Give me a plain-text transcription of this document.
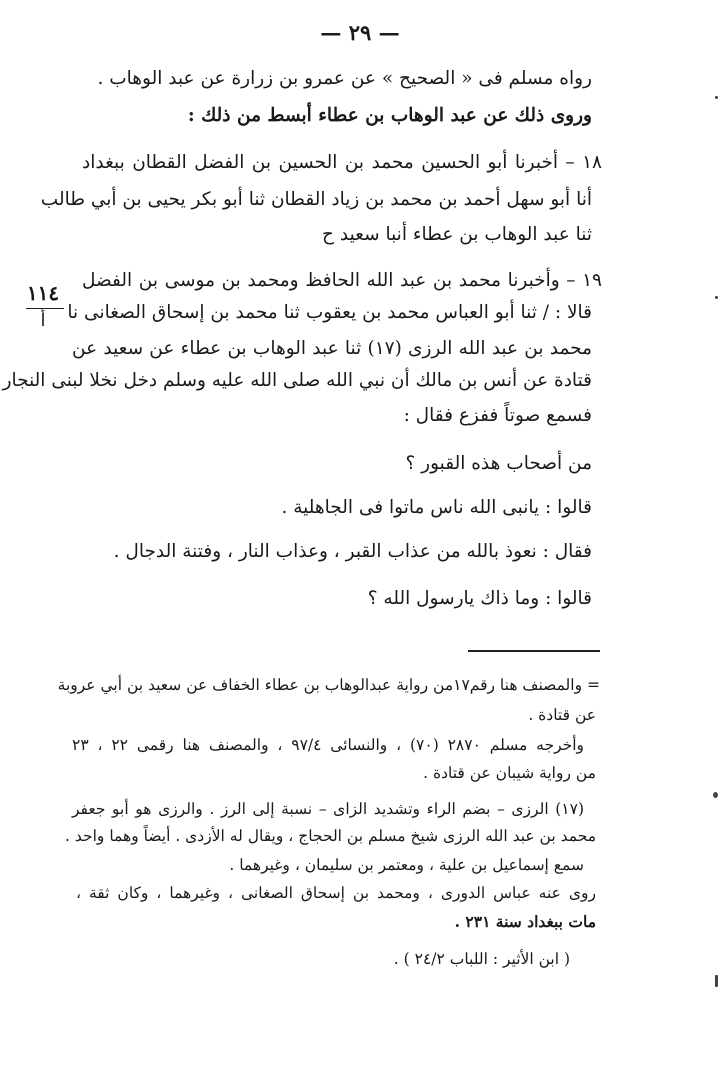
— ٢٩ —
رواه مسلم فى « الصحيح » عن عمرو بن زرارة عن عبد الوهاب .
وروى ذلك عن عبد الوهاب بن عطاء أبسط من ذلك :
١٨ – أخبرنا أبو الحسين محمد بن الحسين بن الفضل القطان ببغداد
أنا أبو سهل أحمد بن محمد بن زياد القطان ثنا أبو بكر يحيى بن أبي طالب
ثنا عبد الوهاب بن عطاء أنبا سعيد ح
١٩ – وأخبرنا محمد بن عبد الله الحافظ ومحمد بن موسى بن الفضل
قالا : / ثنا أبو العباس محمد بن يعقوب ثنا محمد بن إسحاق الصغانى نا
محمد بن عبد الله الرزى (١٧) ثنا عبد الوهاب بن عطاء عن سعيد عن
قتادة عن أنس بن مالك أن نبي الله صلى الله عليه وسلم دخل نخلا لبنى النجار
فسمع صوتاً ففزع فقال :
من أصحاب هذه القبور ؟
قالوا : يانبى الله ناس ماتوا فى الجاهلية .
فقال : نعوذ بالله من عذاب القبر ، وعذاب النار ، وفتنة الدجال .
قالوا : وما ذاك يارسول الله ؟
١١٤
أ
= والمصنف هنا رقم١٧من رواية عبدالوهاب بن عطاء الخفاف عن سعيد بن أبي عروبة
عن قتادة .
وأخرجه مسلم ٢٨٧٠ (٧٠) ، والنسائى ٩٧/٤ ، والمصنف هنا رقمى ٢٢ ، ٢٣
من رواية شيبان عن قتادة .
(١٧) الرزى – بضم الراء وتشديد الزاى – نسبة إلى الرز . والرزى هو أبو جعفر
محمد بن عبد الله الرزى شيخ مسلم بن الحجاج ، ويقال له الأزدى . أيضاً وهما واحد .
سمع إسماعيل بن علية ، ومعتمر بن سليمان ، وغيرهما .
روى عنه عباس الدورى ، ومحمد بن إسحاق الصغانى ، وغيرهما ، وكان ثقة ،
مات ببغداد سنة ٢٣١ .
( ابن الأثير : اللباب ٢٤/٢ ) .
